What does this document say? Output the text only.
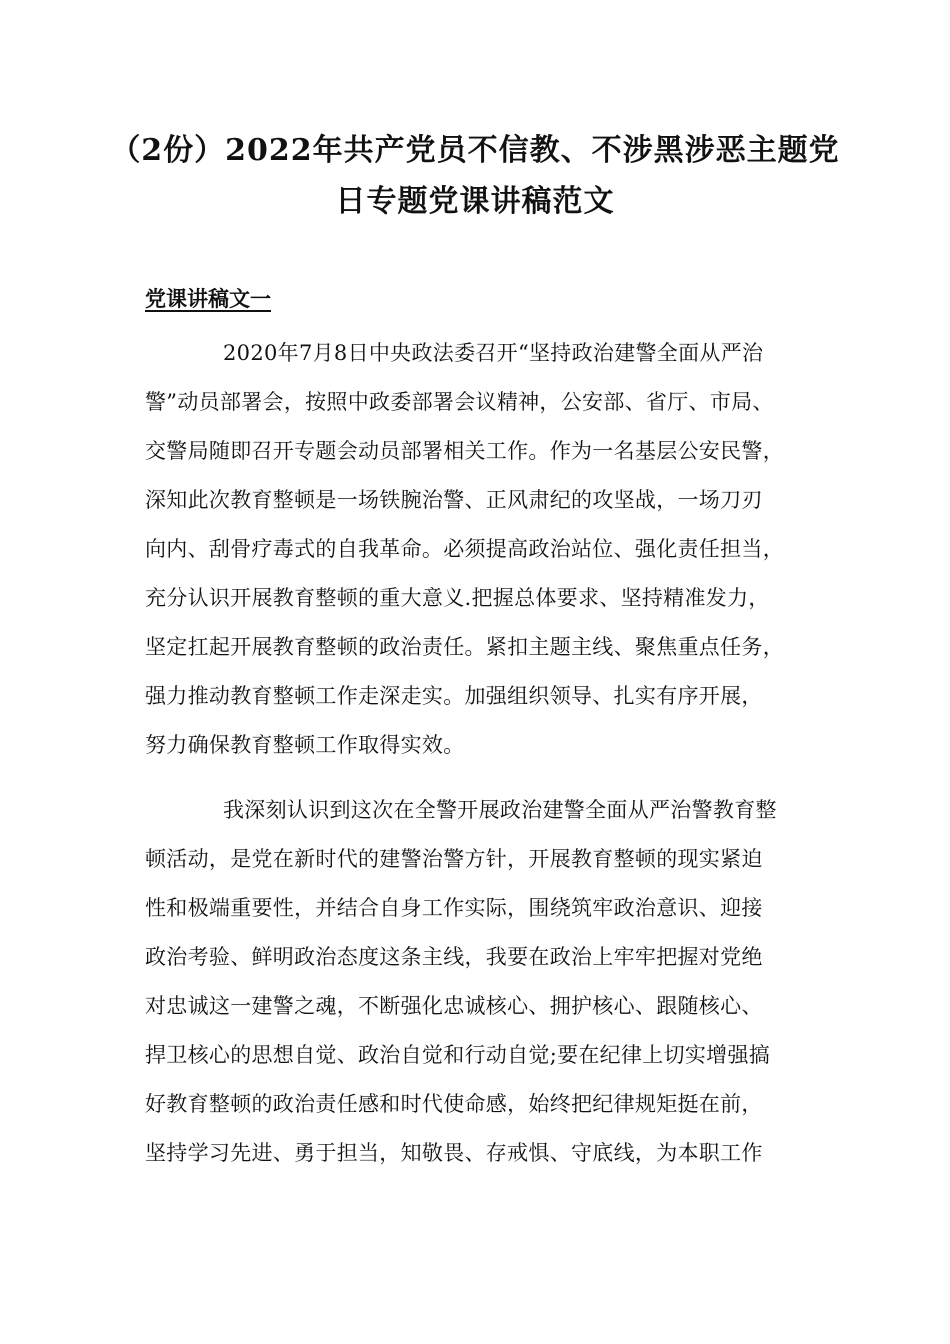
（2份）2022年共产党员不信教、不涉黑涉恶主题党
日专题党课讲稿范文
党课讲稿文一
2020年7月8日中央政法委召开“坚持政治建警全面从严治
警”动员部署会，按照中政委部署会议精神，公安部、省厅、市局、
交警局随即召开专题会动员部署相关工作。作为一名基层公安民警，
深知此次教育整顿是一场铁腕治警、正风肃纪的攻坚战，一场刀刃
向内、刮骨疗毒式的自我革命。必须提高政治站位、强化责任担当，
充分认识开展教育整顿的重大意义.把握总体要求、坚持精准发力，
坚定扛起开展教育整顿的政治责任。紧扣主题主线、聚焦重点任务，
强力推动教育整顿工作走深走实。加强组织领导、扎实有序开展，
努力确保教育整顿工作取得实效。
我深刻认识到这次在全警开展政治建警全面从严治警教育整
顿活动，是党在新时代的建警治警方针，开展教育整顿的现实紧迫
性和极端重要性，并结合自身工作实际，围绕筑牢政治意识、迎接
政治考验、鲜明政治态度这条主线，我要在政治上牢牢把握对党绝
对忠诚这一建警之魂，不断强化忠诚核心、拥护核心、跟随核心、
捍卫核心的思想自觉、政治自觉和行动自觉;要在纪律上切实增强搞
好教育整顿的政治责任感和时代使命感，始终把纪律规矩挺在前，
坚持学习先进、勇于担当，知敬畏、存戒惧、守底线，为本职工作
